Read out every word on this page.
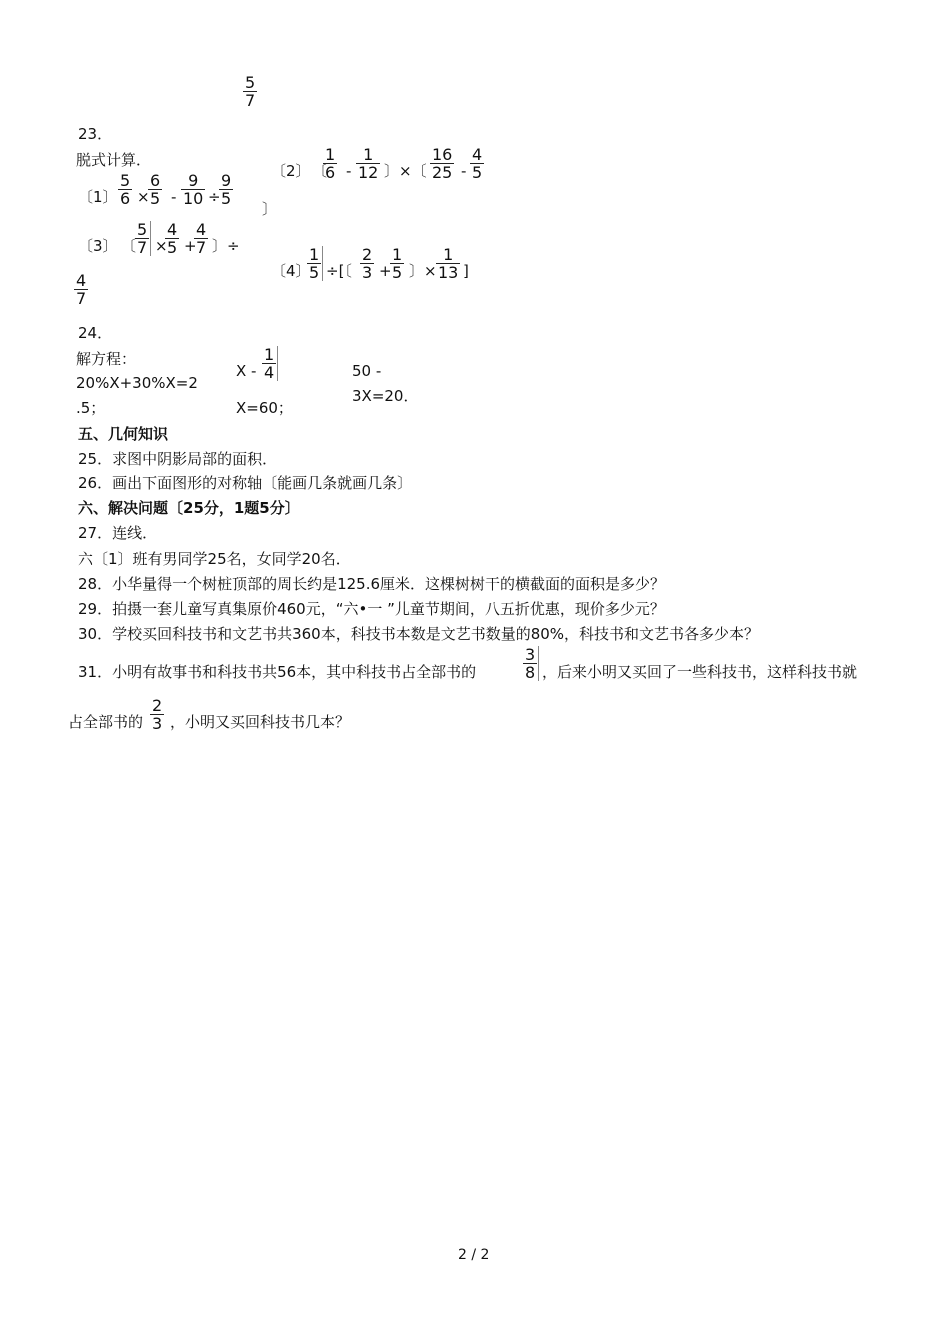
$\frac{5}{7}$
23．
脱式计算．
〔1〕 $\frac{5}{6}$ ×
$\frac{6}{5} - \frac{9}{10}$ ÷
$\frac{9}{5}$
〔2〕 〔
$\frac{1}{6} - \frac{1}{12}$ 〕×〔 $\frac{16}{25} - \frac{4}{5}$
〕
〔3〕 〔
$\frac{5}{7}$ ×
$\frac{4}{5}$ +
$\frac{4}{7}$ 〕÷
$\frac{4}{7}$
〔4〕
$\frac{1}{5}$ ÷[〔 $\frac{2}{3}$ +
$\frac{1}{5}$ 〕× $\frac{1}{13}$ ]
24．
解方程：
20%X+30%X=2
.5；
X - $\frac{1}{4}$
X=60；
50 -
3X=20．
五、几何知识
25．求图中阴影局部的面积．
26．画出下面图形的对称轴〔能画几条就画几条〕
六、解决问题〔25分，1题5分〕
27．连线．
六〔1〕班有男同学25名，女同学20名．
28．小华量得一个树桩顶部的周长约是125.6厘米．这棵树树干的横截面的面积是多少？
29．拍摄一套儿童写真集原价460元，“六•一 ”儿童节期间，八五折优惠，现价多少元？
30．学校买回科技书和文艺书共360本，科技书本数是文艺书数量的80%，科技书和文艺书各多少本？
31．小明有故事书和科技书共56本，其中科技书占全部书的	$\frac{3}{8}$ ，后来小明又买回了一些科技书，这样科技书就
占全部书的 $\frac{2}{3}$ ，小明又买回科技书几本？
2 / 2
